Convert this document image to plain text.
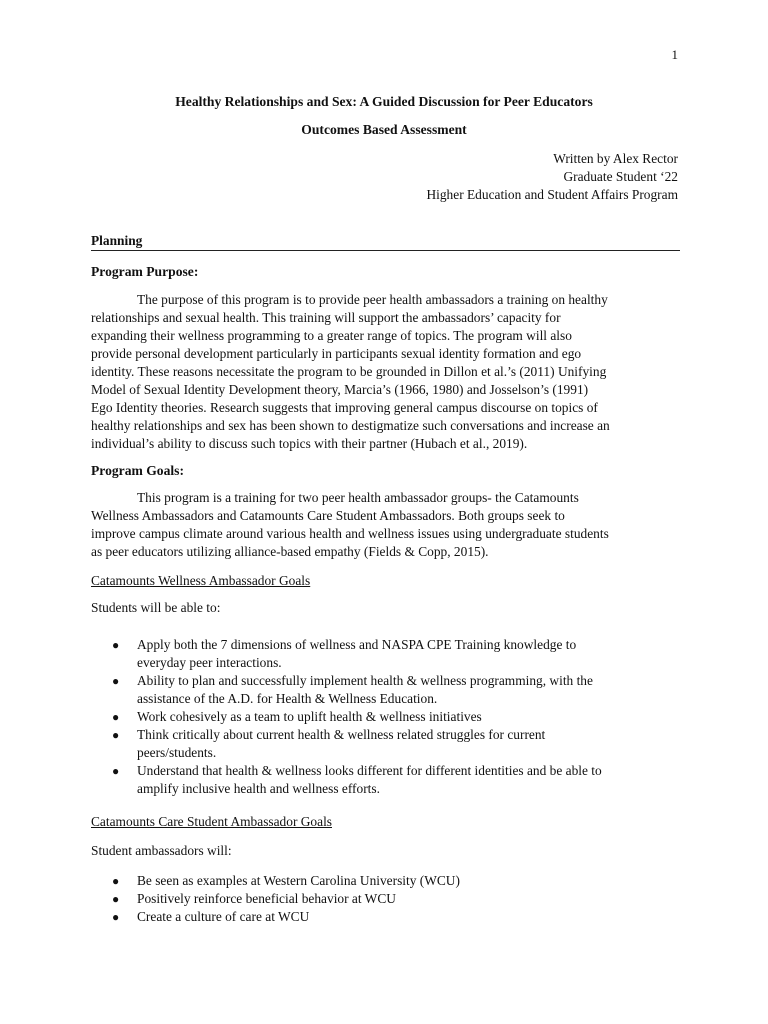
1
Healthy Relationships and Sex: A Guided Discussion for Peer Educators
Outcomes Based Assessment
Written by Alex Rector
Graduate Student ‘22
Higher Education and Student Affairs Program
Planning
Program Purpose:
The purpose of this program is to provide peer health ambassadors a training on healthy
relationships and sexual health. This training will support the ambassadors’ capacity for
expanding their wellness programming to a greater range of topics. The program will also
provide personal development particularly in participants sexual identity formation and ego
identity. These reasons necessitate the program to be grounded in Dillon et al.’s (2011) Unifying
Model of Sexual Identity Development theory, Marcia’s (1966, 1980) and Josselson’s (1991)
Ego Identity theories. Research suggests that improving general campus discourse on topics of
healthy relationships and sex has been shown to destigmatize such conversations and increase an
individual’s ability to discuss such topics with their partner (Hubach et al., 2019).
Program Goals:
This program is a training for two peer health ambassador groups- the Catamounts
Wellness Ambassadors and Catamounts Care Student Ambassadors. Both groups seek to
improve campus climate around various health and wellness issues using undergraduate students
as peer educators utilizing alliance-based empathy (Fields & Copp, 2015).
Catamounts Wellness Ambassador Goals
Students will be able to:
● Apply both the 7 dimensions of wellness and NASPA CPE Training knowledge to
everyday peer interactions.
● Ability to plan and successfully implement health & wellness programming, with the
assistance of the A.D. for Health & Wellness Education.
● Work cohesively as a team to uplift health & wellness initiatives
● Think critically about current health & wellness related struggles for current
peers/students.
● Understand that health & wellness looks different for different identities and be able to
amplify inclusive health and wellness efforts.
Catamounts Care Student Ambassador Goals
Student ambassadors will:
● Be seen as examples at Western Carolina University (WCU)
● Positively reinforce beneficial behavior at WCU
● Create a culture of care at WCU
